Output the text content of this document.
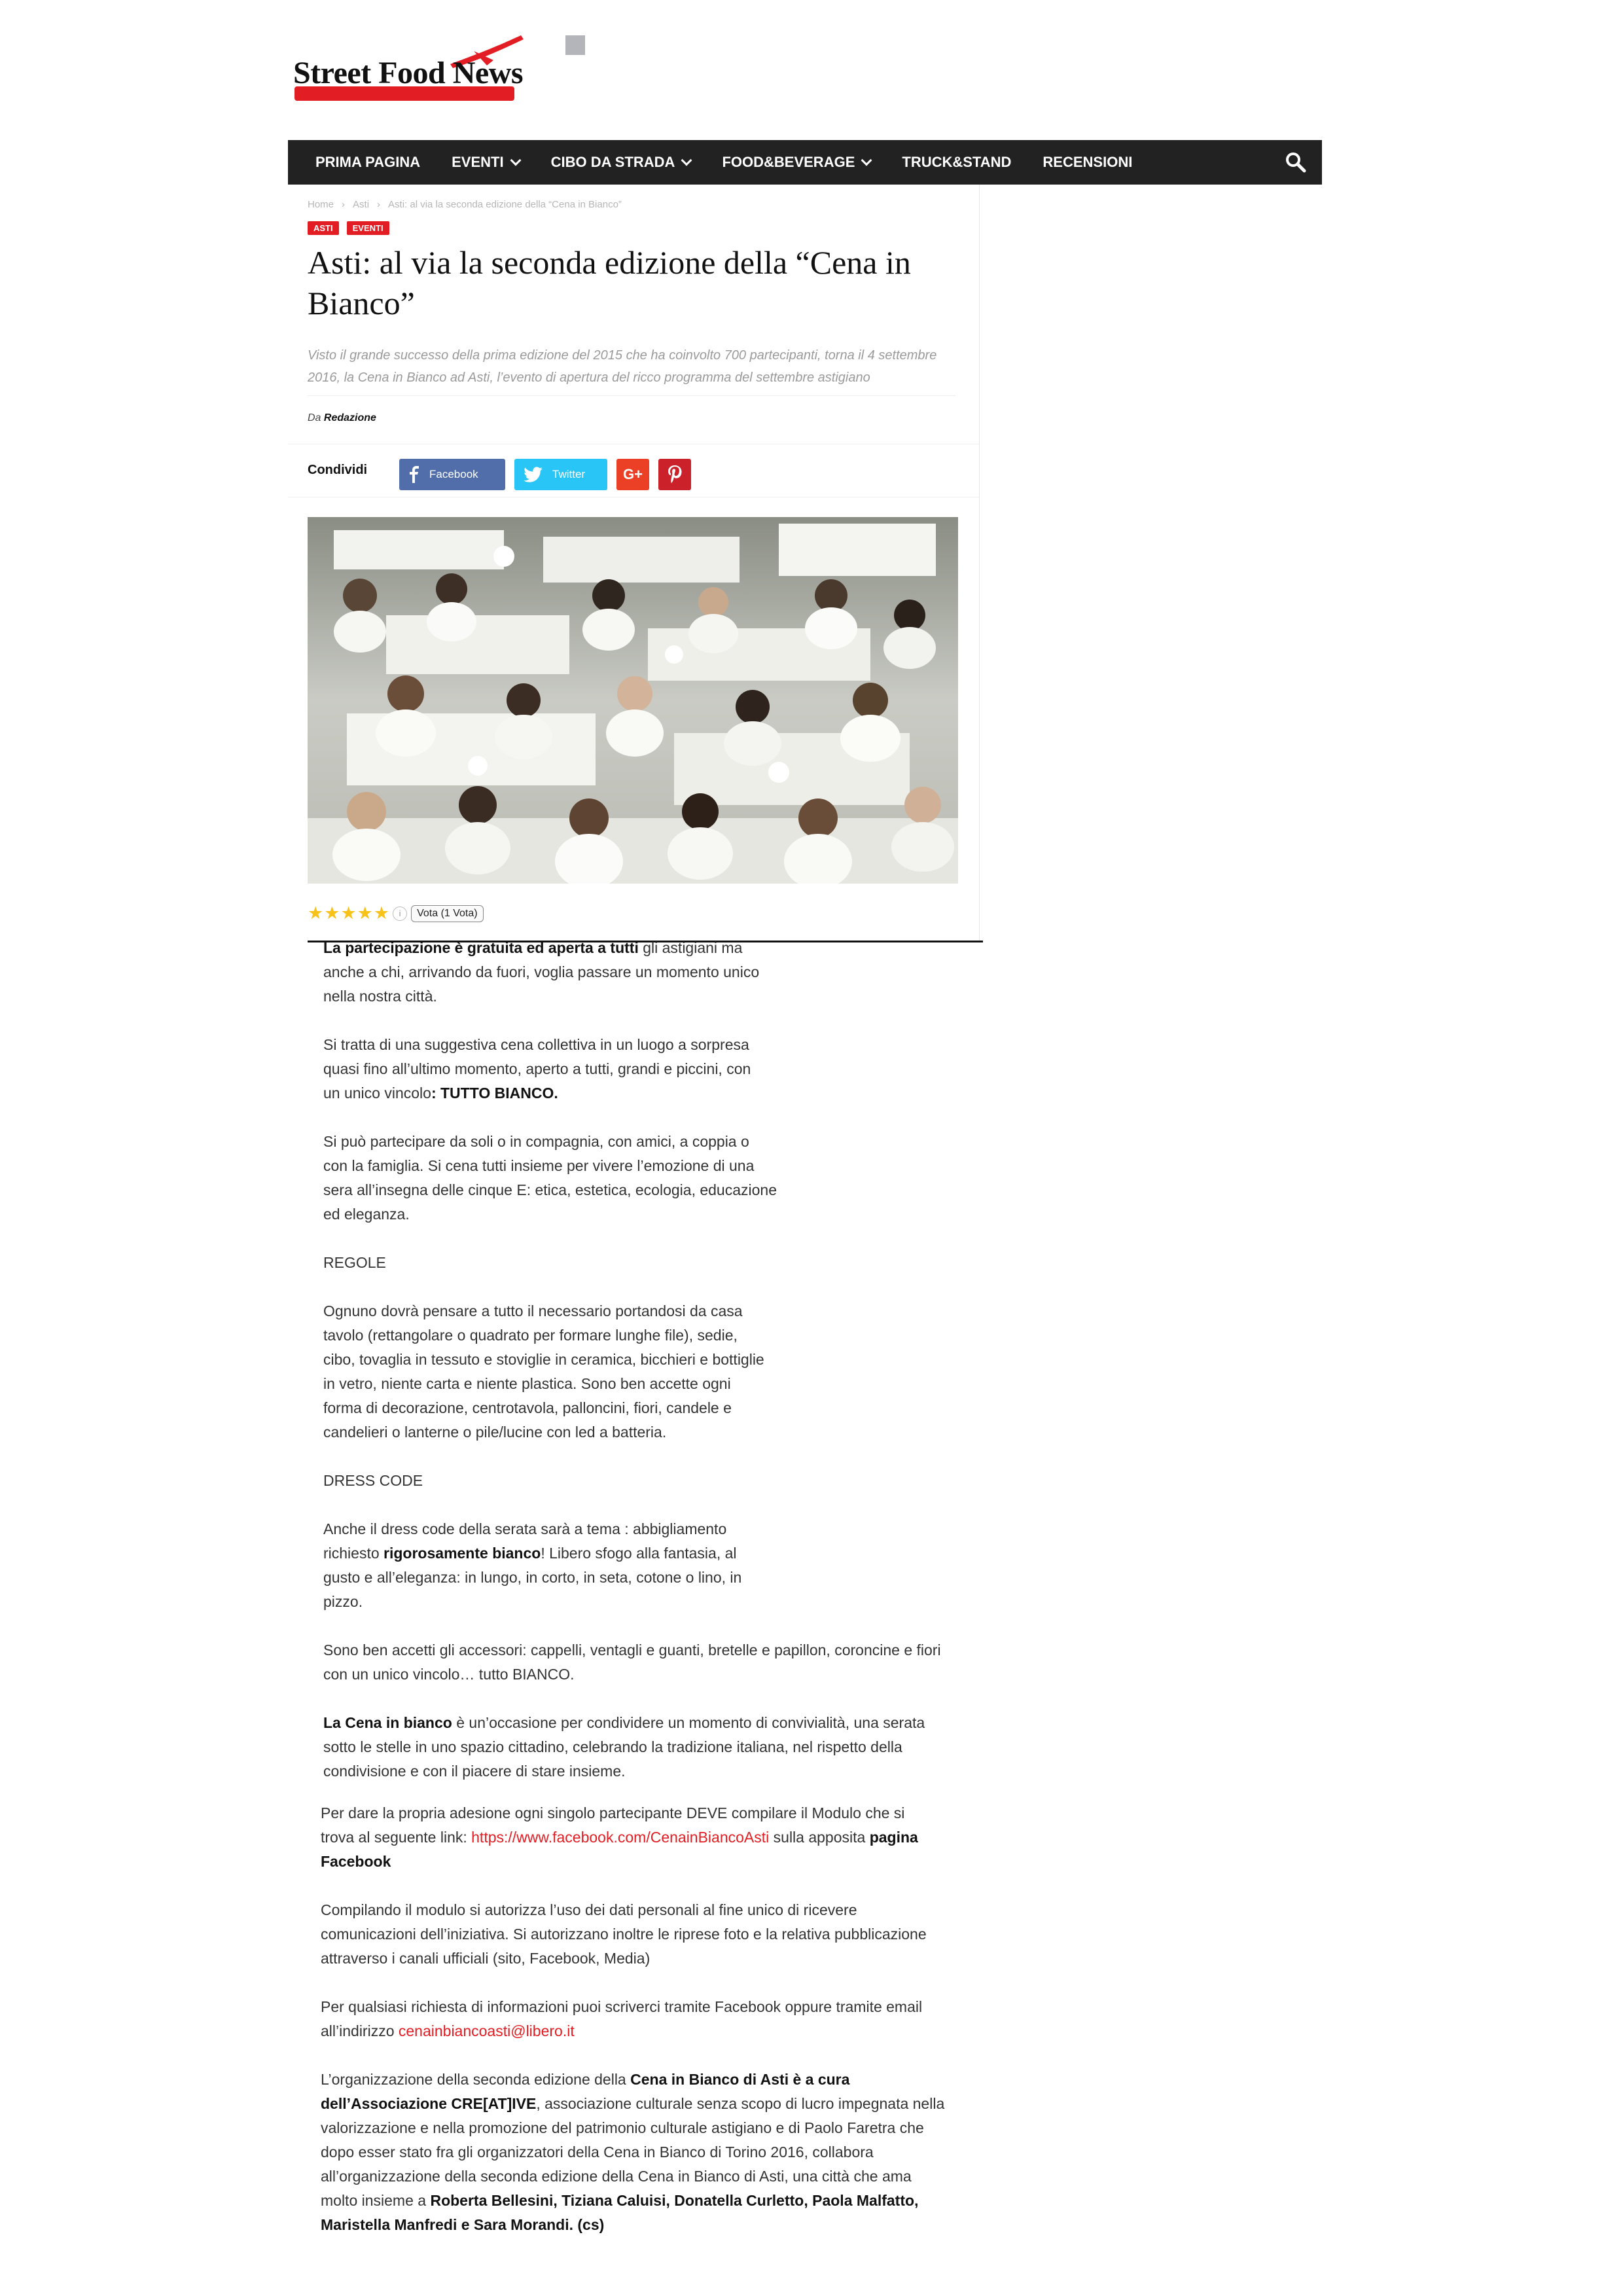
Street Food News
PRIMA PAGINA EVENTI	CIBO DA STRADA	FOOD&BEVERAGE	TRUCK&STAND RECENSIONI
Home › Asti › Asti: al via la seconda edizione della “Cena in Bianco”
ASTI	EVENTI
Asti: al via la seconda edizione della “Cena in Bianco”
Visto il grande successo della prima edizione del 2015 che ha coinvolto 700 partecipanti, torna il 4 settembre 2016, la Cena in Bianco ad Asti, l’evento di apertura del ricco programma del settembre astigiano
Da Redazione
Condividi	Facebook	Twitter	G+
★ ★ ★ ★ ★	i	Vota (1 Vota)

La partecipazione è gratuita ed aperta a tutti gli astigiani ma

anche a chi, arrivando da fuori, voglia passare un momento unico

nella nostra città.

Si tratta di una suggestiva cena collettiva in un luogo a sorpresa

quasi fino all’ultimo momento, aperto a tutti, grandi e piccini, con

un unico vincolo: TUTTO BIANCO.

Si può partecipare da soli o in compagnia, con amici, a coppia o

con la famiglia. Si cena tutti insieme per vivere l’emozione di una

sera all’insegna delle cinque E: etica, estetica, ecologia, educazione

ed eleganza.

REGOLE

Ognuno dovrà pensare a tutto il necessario portandosi da casa

tavolo (rettangolare o quadrato per formare lunghe file), sedie,

cibo, tovaglia in tessuto e stoviglie in ceramica, bicchieri e bottiglie

in vetro, niente carta e niente plastica. Sono ben accette ogni

forma di decorazione, centrotavola, palloncini, fiori, candele e

candelieri o lanterne o pile/lucine con led a batteria.

DRESS CODE

Anche il dress code della serata sarà a tema : abbigliamento

richiesto rigorosamente bianco! Libero sfogo alla fantasia, al

gusto e all’eleganza: in lungo, in corto, in seta, cotone o lino, in

pizzo.

Sono ben accetti gli accessori: cappelli, ventagli e guanti, bretelle e papillon, coroncine e fiori

con un unico vincolo… tutto BIANCO.

La Cena in bianco è un’occasione per condividere un momento di convivialità, una serata

sotto le stelle in uno spazio cittadino, celebrando la tradizione italiana, nel rispetto della

condivisione e con il piacere di stare insieme.

Per dare la propria adesione ogni singolo partecipante DEVE compilare il Modulo che si

trova al seguente link: https://www.facebook.com/CenainBiancoAsti sulla apposita pagina

Facebook

Compilando il modulo si autorizza l’uso dei dati personali al fine unico di ricevere

comunicazioni dell’iniziativa. Si autorizzano inoltre le riprese foto e la relativa pubblicazione

attraverso i canali ufficiali (sito, Facebook, Media)

Per qualsiasi richiesta di informazioni puoi scriverci tramite Facebook oppure tramite email

all’indirizzo cenainbiancoasti@libero.it

L’organizzazione della seconda edizione della Cena in Bianco di Asti è a cura

dell’Associazione CRE[AT]IVE, associazione culturale senza scopo di lucro impegnata nella

valorizzazione e nella promozione del patrimonio culturale astigiano e di Paolo Faretra che

dopo esser stato fra gli organizzatori della Cena in Bianco di Torino 2016, collabora

all’organizzazione della seconda edizione della Cena in Bianco di Asti, una città che ama

molto insieme a Roberta Bellesini, Tiziana Caluisi, Donatella Curletto, Paola Malfatto,

Maristella Manfredi e Sara Morandi. (cs)
